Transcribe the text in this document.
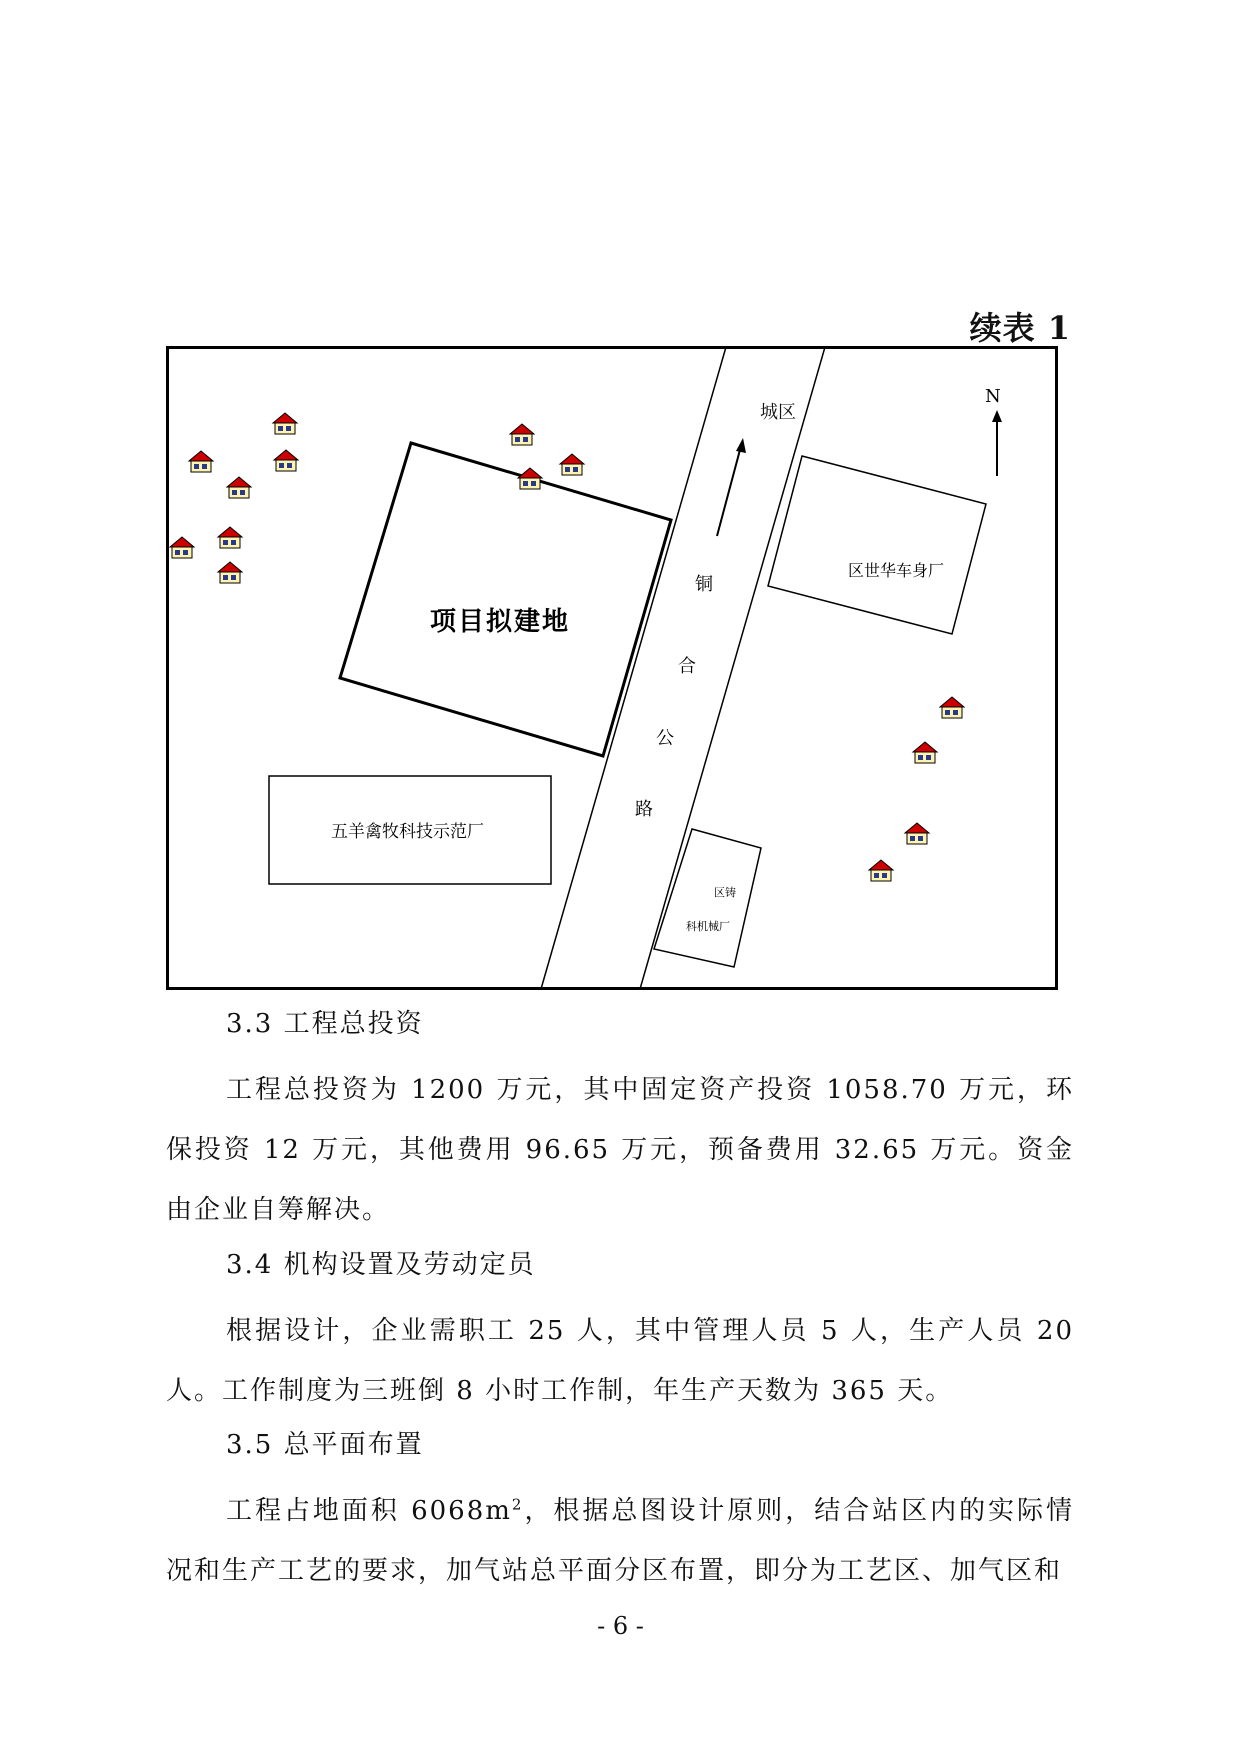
续表 1
城区
铜
合
公
路
N
项目拟建地
区世华车身厂
五羊禽牧科技示范厂
区铸
科机械厂
3.3 工程总投资

工程总投资为 1200 万元，其中固定资产投资 1058.70 万元，环保投资 12 万元，其他费用 96.65 万元，预备费用 32.65 万元。资金由企业自筹解决。

3.4 机构设置及劳动定员

根据设计，企业需职工 25 人，其中管理人员 5 人，生产人员 20 人。工作制度为三班倒 8 小时工作制，年生产天数为 365 天。

3.5 总平面布置

工程占地面积 $6068m^2$，根据总图设计原则，结合站区内的实际情况和生产工艺的要求，加气站总平面分区布置，即分为工艺区、加气区和

- 6 -
